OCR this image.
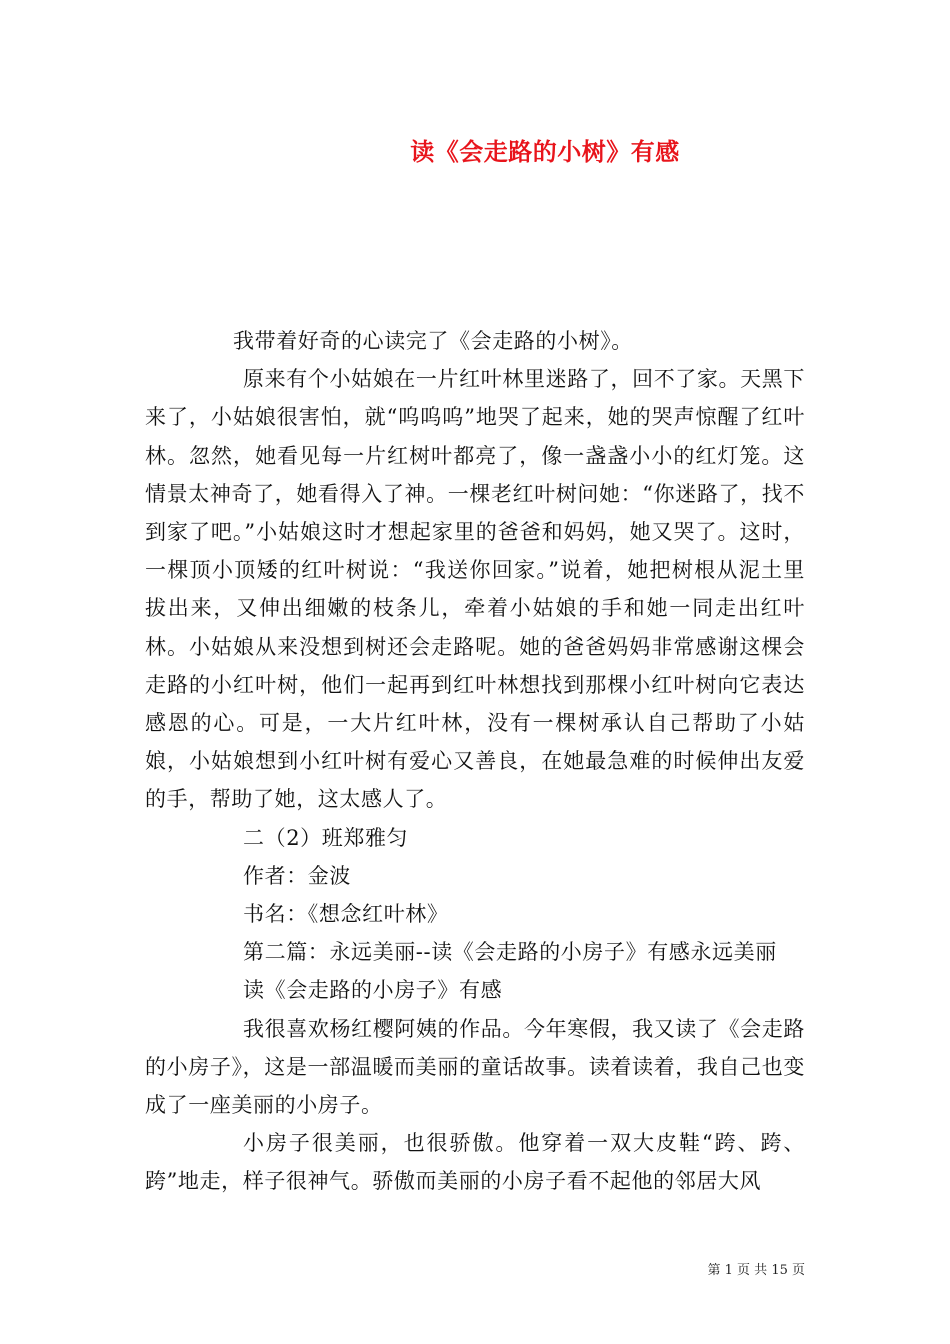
读《会走路的小树》有感

我带着好奇的心读完了《会走路的小树》。

原来有个小姑娘在一片红叶林里迷路了，回不了家。天黑下来了，小姑娘很害怕，就“呜呜呜”地哭了起来，她的哭声惊醒了红叶林。忽然，她看见每一片红树叶都亮了，像一盏盏小小的红灯笼。这情景太神奇了，她看得入了神。一棵老红叶树问她：“你迷路了，找不到家了吧。”小姑娘这时才想起家里的爸爸和妈妈，她又哭了。这时，一棵顶小顶矮的红叶树说：“我送你回家。”说着，她把树根从泥土里拔出来，又伸出细嫩的枝条儿，牵着小姑娘的手和她一同走出红叶林。小姑娘从来没想到树还会走路呢。她的爸爸妈妈非常感谢这棵会走路的小红叶树，他们一起再到红叶林想找到那棵小红叶树向它表达感恩的心。可是，一大片红叶林，没有一棵树承认自己帮助了小姑娘，小姑娘想到小红叶树有爱心又善良，在她最急难的时候伸出友爱的手，帮助了她，这太感人了。

二（2）班郑雅匀

作者：金波

书名：《想念红叶林》

第二篇：永远美丽--读《会走路的小房子》有感永远美丽

读《会走路的小房子》有感

我很喜欢杨红樱阿姨的作品。今年寒假，我又读了《会走路的小房子》，这是一部温暖而美丽的童话故事。读着读着，我自己也变成了一座美丽的小房子。

小房子很美丽，也很骄傲。他穿着一双大皮鞋“跨、跨、跨”地走，样子很神气。骄傲而美丽的小房子看不起他的邻居大风

第 1 页 共 15 页
